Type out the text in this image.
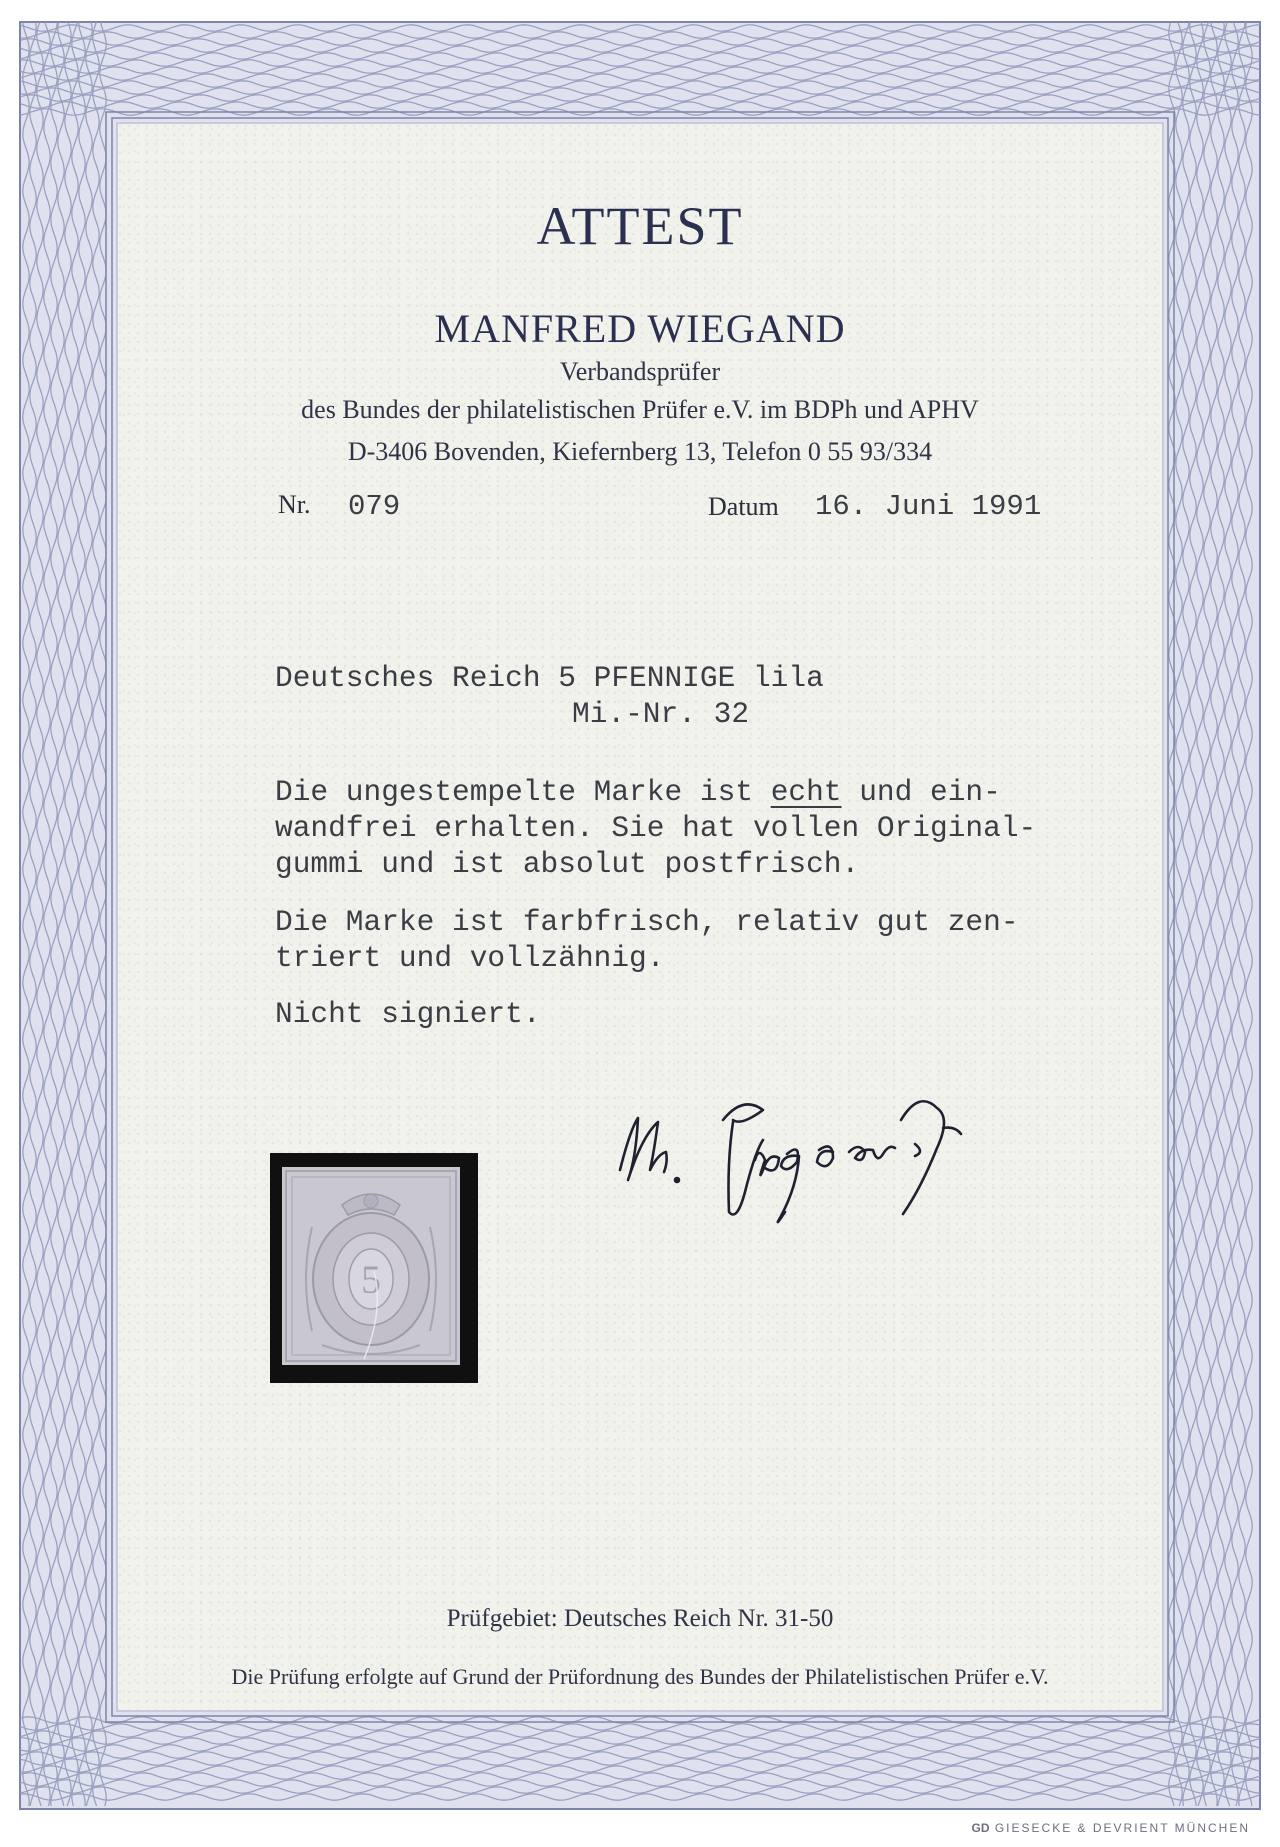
ATTEST
MANFRED WIEGAND
Verbandsprüfer
des Bundes der philatelistischen Prüfer e.V. im BDPh und APHV
D-3406 Bovenden, Kiefernberg 13, Telefon 0 55 93/334
Nr. 079	Datum 16. Juni 1991
Deutsches Reich 5 PFENNIGE lila
Mi.-Nr. 32
Die ungestempelte Marke ist echt und ein-
wandfrei erhalten. Sie hat vollen Original-
gummi und ist absolut postfrisch.
Die Marke ist farbfrisch, relativ gut zen-
triert und vollzähnig.
Nicht signiert.
5
Prüfgebiet: Deutsches Reich Nr. 31-50
Die Prüfung erfolgte auf Grund der Prüfordnung des Bundes der Philatelistischen Prüfer e.V.
GD GIESECKE & DEVRIENT MÜNCHEN
